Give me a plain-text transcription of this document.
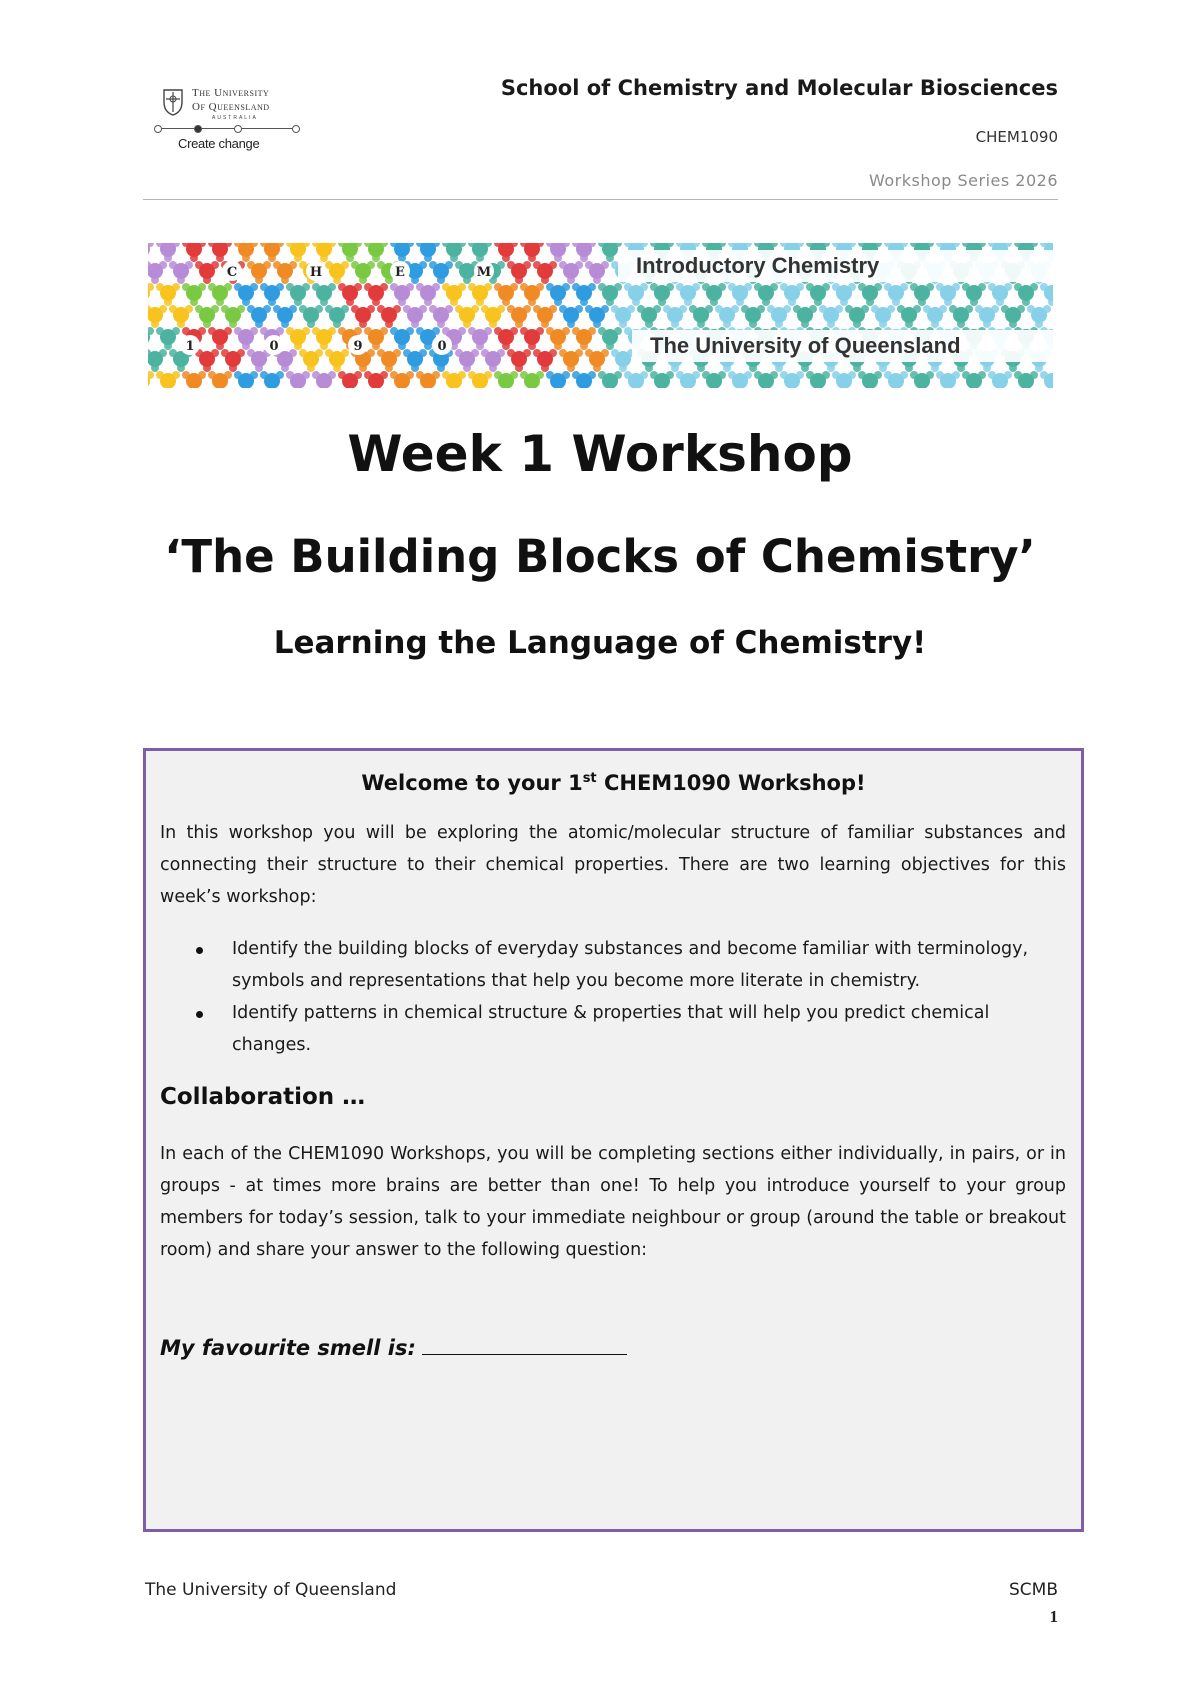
The University
Of Queensland
AUSTRALIA
Create change
School of Chemistry and Molecular Biosciences
CHEM1090
Workshop Series 2026
C	H	E	M
1	0	9	0
Introductory Chemistry
The University of Queensland
Week 1 Workshop
‘The Building Blocks of Chemistry’
Learning the Language of Chemistry!
Welcome to your 1st CHEM1090 Workshop!
In this workshop you will be exploring the atomic/molecular structure of familiar substances and connecting their structure to their chemical properties. There are two learning objectives for this week’s workshop:
Identify the building blocks of everyday substances and become familiar with terminology, symbols and representations that help you become more literate in chemistry.
Identify patterns in chemical structure & properties that will help you predict chemical changes.
Collaboration …
In each of the CHEM1090 Workshops, you will be completing sections either individually, in pairs, or in groups - at times more brains are better than one! To help you introduce yourself to your group members for today’s session, talk to your immediate neighbour or group (around the table or breakout room) and share your answer to the following question:
My favourite smell is:
The University of Queensland	SCMB
1
